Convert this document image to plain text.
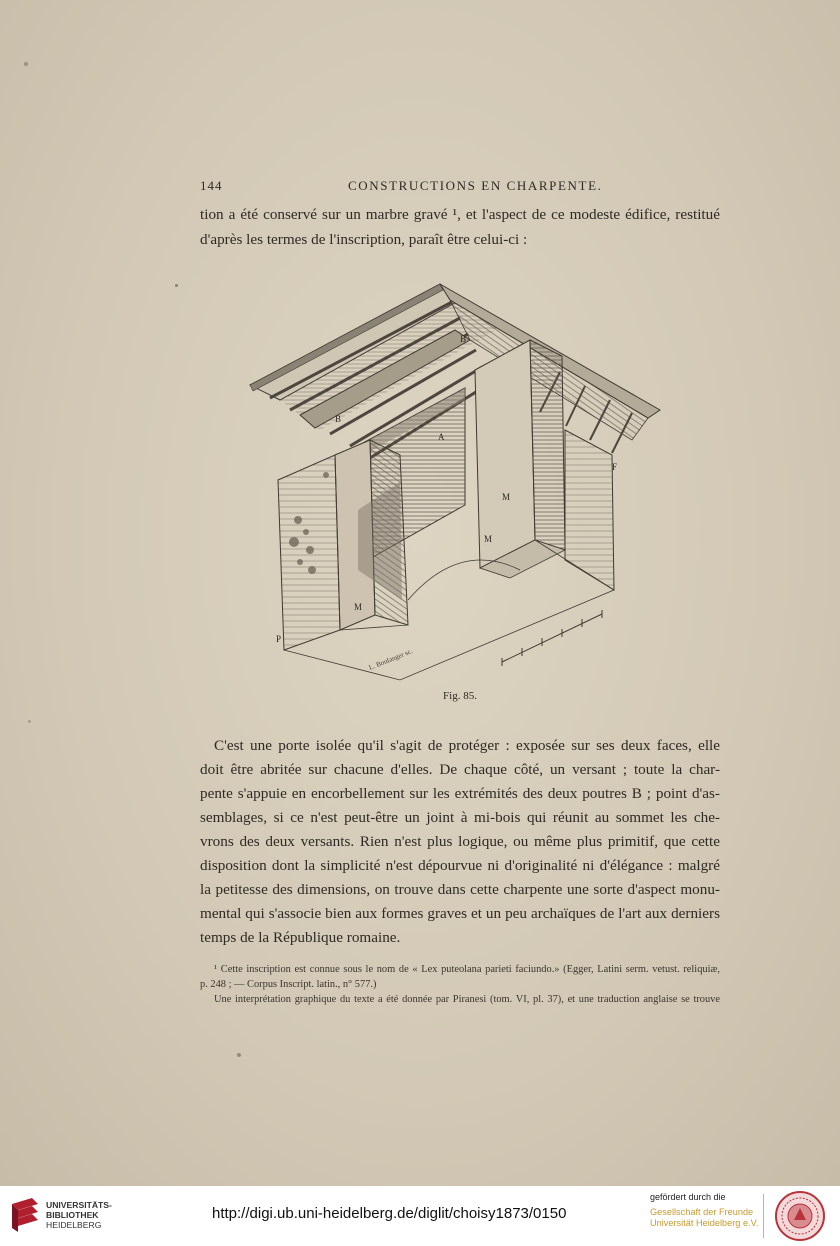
144	CONSTRUCTIONS EN CHARPENTE.
tion a été conservé sur un marbre gravé ¹, et l'aspect de ce modeste édifice, restitué
d'après les termes de l'inscription, paraît être celui-ci :
B
B
A
M
M
M
F
P
L. Boulanger sc.
Fig. 85.
C'est une porte isolée qu'il s'agit de protéger : exposée sur ses deux faces, elle
doit être abritée sur chacune d'elles. De chaque côté, un versant ; toute la char-
pente s'appuie en encorbellement sur les extrémités des deux poutres B ; point d'as-
semblages, si ce n'est peut-être un joint à mi-bois qui réunit au sommet les che-
vrons des deux versants. Rien n'est plus logique, ou même plus primitif, que cette
disposition dont la simplicité n'est dépourvue ni d'originalité ni d'élégance : malgré
la petitesse des dimensions, on trouve dans cette charpente une sorte d'aspect monu-
mental qui s'associe bien aux formes graves et un peu archaïques de l'art aux derniers
temps de la République romaine.
¹ Cette inscription est connue sous le nom de « Lex puteolana parieti faciundo.» (Egger, Latini serm. vetust. reliquiæ,
p. 248 ; — Corpus Inscript. latin., n° 577.)
Une interprétation graphique du texte a été donnée par Piranesi (tom. VI, pl. 37), et une traduction anglaise se trouve
UNIVERSITÄTS-
BIBLIOTHEK
HEIDELBERG
http://digi.ub.uni-heidelberg.de/diglit/choisy1873/0150
gefördert durch die
Gesellschaft der Freunde
Universität Heidelberg e.V.
